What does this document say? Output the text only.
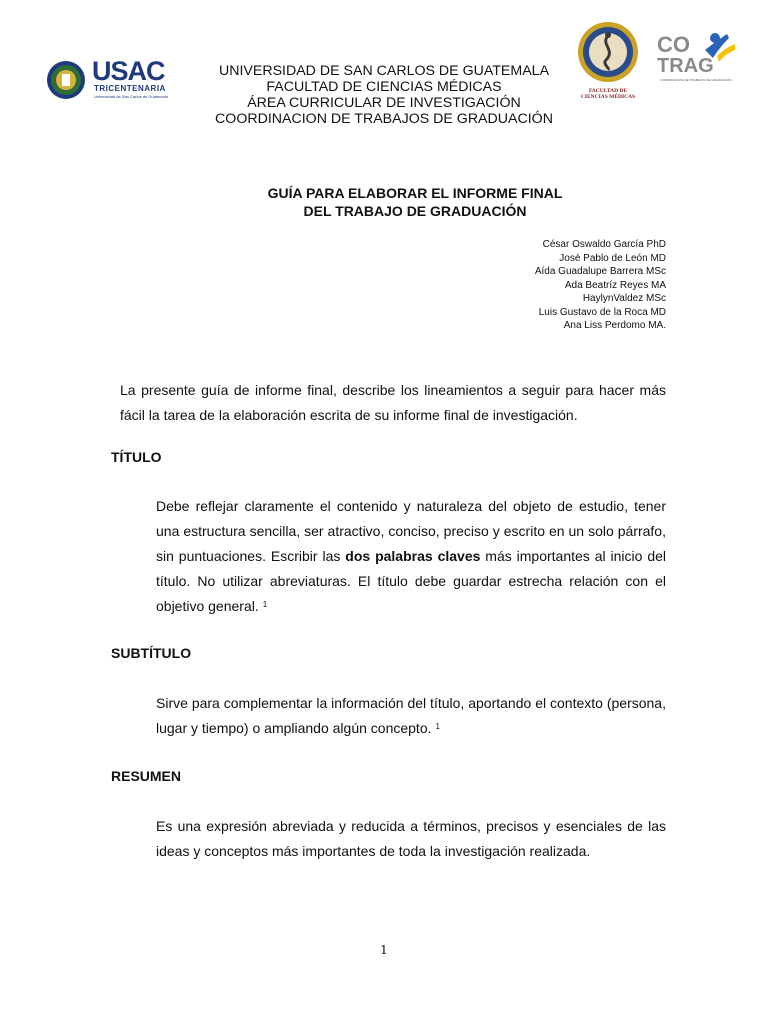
USAC
TRICENTENARIA
Universidad de San Carlos de Guatemala
UNIVERSIDAD DE SAN CARLOS DE GUATEMALA
FACULTAD DE CIENCIAS MÉDICAS
ÁREA CURRICULAR DE INVESTIGACIÓN
COORDINACION DE TRABAJOS DE GRADUACIÓN
FACULTAD DE
CIENCIAS MÉDICAS
CO
TRAG
COORDINACIÓN DE TRABAJOS DE GRADUACIÓN
GUÍA PARA ELABORAR EL INFORME FINAL
DEL TRABAJO DE GRADUACIÓN
César Oswaldo García PhD
José Pablo de León MD
Aída Guadalupe Barrera MSc
Ada Beatríz Reyes MA
HaylynValdez MSc
Luis Gustavo de la Roca MD
Ana Liss Perdomo MA.
La presente guía de informe final, describe los lineamientos a seguir para hacer más fácil la tarea de la elaboración escrita de su informe final de investigación.
TÍTULO
Debe reflejar claramente el contenido y naturaleza del objeto de estudio, tener una estructura sencilla, ser atractivo, conciso, preciso y escrito en un solo párrafo, sin puntuaciones. Escribir las dos palabras claves más importantes al inicio del título. No utilizar abreviaturas. El título debe guardar estrecha relación con el objetivo general. $^1$
SUBTÍTULO
Sirve para complementar la información del título, aportando el contexto (persona, lugar y tiempo) o ampliando algún concepto. $^1$
RESUMEN
Es una expresión abreviada y reducida a términos, precisos y esenciales de las ideas y conceptos más importantes de toda la investigación realizada.
1
